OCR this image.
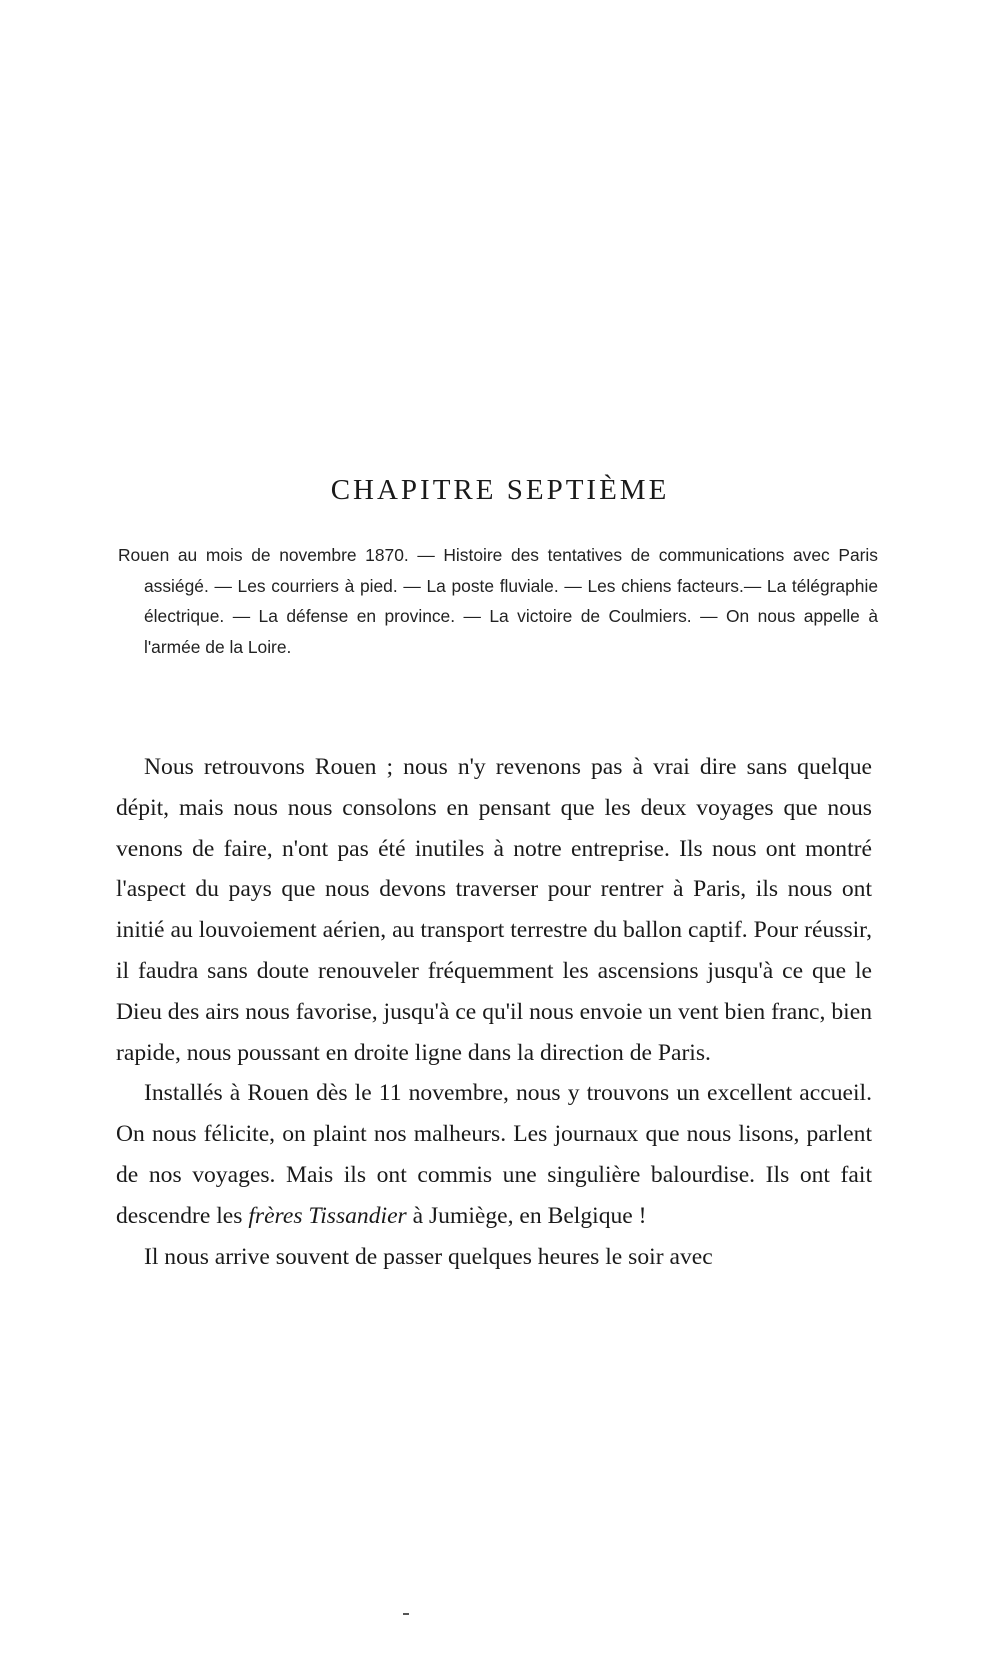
CHAPITRE SEPTIÈME
Rouen au mois de novembre 1870. — Histoire des tentatives de communications avec Paris assiégé. — Les courriers à pied. — La poste fluviale. — Les chiens facteurs.— La télégraphie électrique. — La défense en province. — La victoire de Coulmiers. — On nous appelle à l'armée de la Loire.

Nous retrouvons Rouen ; nous n'y revenons pas à vrai dire sans quelque dépit, mais nous nous consolons en pensant que les deux voyages que nous venons de faire, n'ont pas été inutiles à notre entreprise. Ils nous ont montré l'aspect du pays que nous devons traverser pour rentrer à Paris, ils nous ont initié au louvoiement aérien, au transport terrestre du ballon captif. Pour réussir, il faudra sans doute renouveler fréquemment les ascensions jusqu'à ce que le Dieu des airs nous favorise, jusqu'à ce qu'il nous envoie un vent bien franc, bien rapide, nous poussant en droite ligne dans la direction de Paris.

Installés à Rouen dès le 11 novembre, nous y trouvons un excellent accueil. On nous félicite, on plaint nos malheurs. Les journaux que nous lisons, parlent de nos voyages. Mais ils ont commis une singulière balourdise. Ils ont fait descendre les frères Tissandier à Jumiège, en Belgique !

Il nous arrive souvent de passer quelques heures le soir avec
